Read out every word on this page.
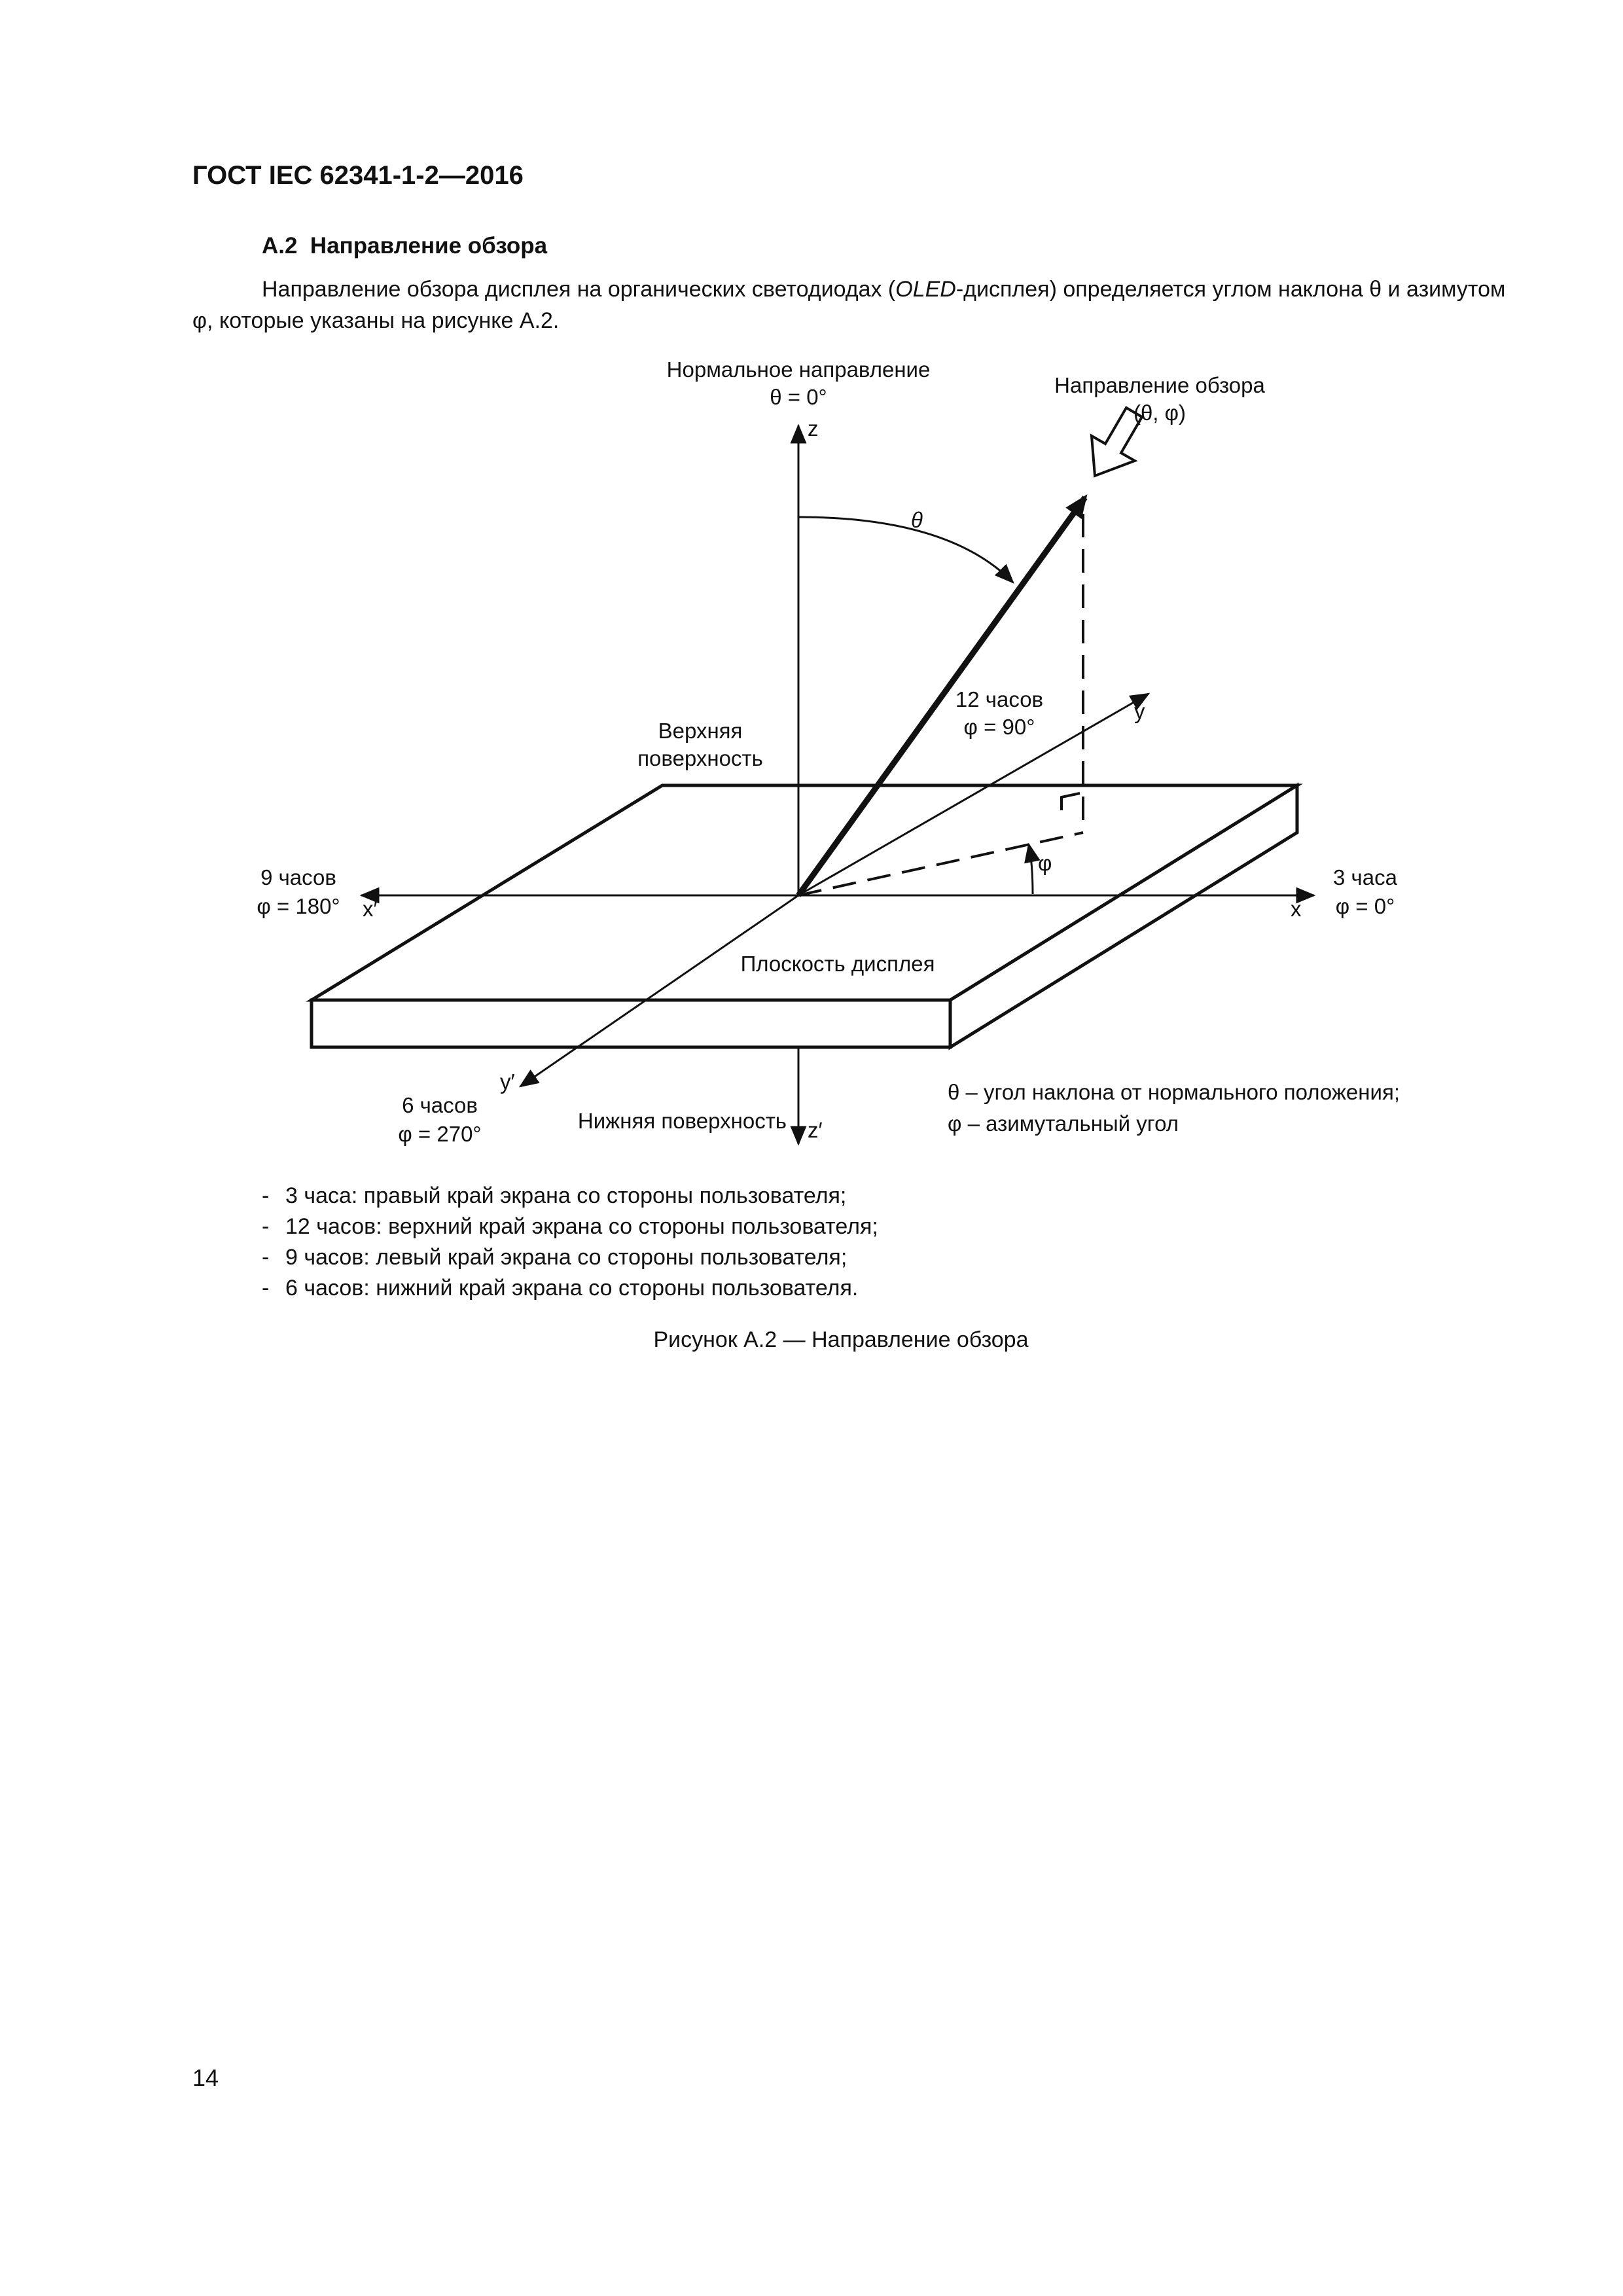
ГОСТ IEC 62341-1-2—2016
А.2 Направление обзора
Направление обзора дисплея на органических светодиодах (OLED-дисплея) определяется углом наклона θ и азимутом φ, которые указаны на рисунке А.2.
Нормальное направление
θ = 0°
z
Направление обзора
(θ, φ)
θ
12 часов
φ = 90°
y
Верхняя
поверхность
φ
9 часов
φ = 180° x′
3 часа
φ = 0°
x
Плоскость дисплея
y′
6 часов
φ = 270°
Нижняя поверхность z′
θ – угол наклона от нормального положения;
φ – азимутальный угол
- 3 часа: правый край экрана со стороны пользователя;
- 12 часов: верхний край экрана со стороны пользователя;
- 9 часов: левый край экрана со стороны пользователя;
- 6 часов: нижний край экрана со стороны пользователя.
Рисунок А.2 — Направление обзора
14
